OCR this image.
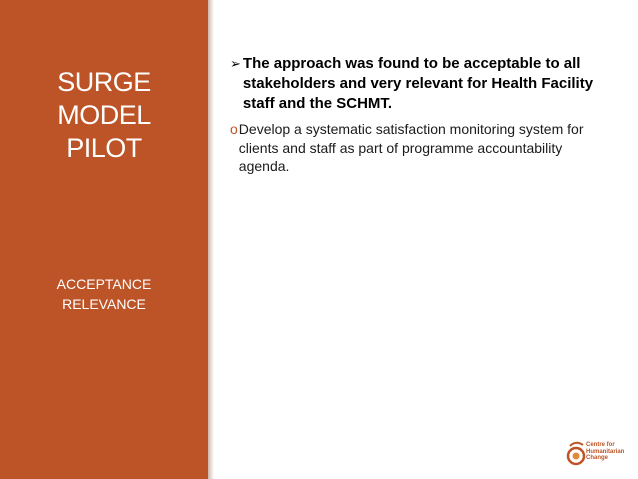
SURGE
MODEL
PILOT
ACCEPTANCE
RELEVANCE
➢ The approach was found to be acceptable to all stakeholders and very relevant for Health Facility staff and the SCHMT.
o Develop a systematic satisfaction monitoring system for clients and staff as part of programme accountability agenda.
Centre for
Humanitarian
Change
